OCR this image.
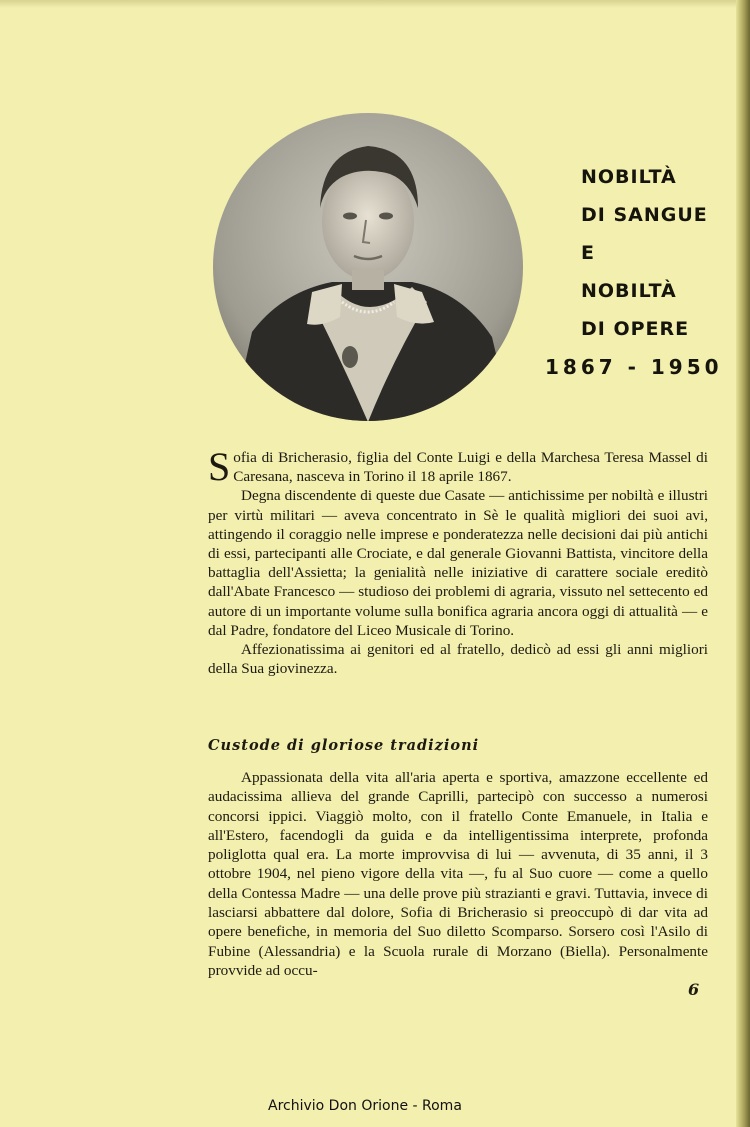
NOBILTÀ
DI SANGUE
E
NOBILTÀ
DI OPERE
1867 - 1950

Sofia di Bricherasio, figlia del Conte Luigi e della Marchesa Teresa Massel di Caresana, nasceva in Torino il 18 aprile 1867.

Degna discendente di queste due Casate — antichissime per nobiltà e illustri per virtù militari — aveva concentrato in Sè le qualità migliori dei suoi avi, attingendo il coraggio nelle imprese e ponderatezza nelle decisioni dai più antichi di essi, partecipanti alle Crociate, e dal generale Giovanni Battista, vincitore della battaglia dell'Assietta; la genialità nelle iniziative di carattere sociale ereditò dall'Abate Francesco — studioso dei problemi di agraria, vissuto nel settecento ed autore di un importante volume sulla bonifica agraria ancora oggi di attualità — e dal Padre, fondatore del Liceo Musicale di Torino.

Affezionatissima ai genitori ed al fratello, dedicò ad essi gli anni migliori della Sua giovinezza.

Custode di gloriose tradizioni

Appassionata della vita all'aria aperta e sportiva, amazzone eccellente ed audacissima allieva del grande Caprilli, partecipò con successo a numerosi concorsi ippici. Viaggiò molto, con il fratello Conte Emanuele, in Italia e all'Estero, facendogli da guida e da intelligentissima interprete, profonda poliglotta qual era. La morte improvvisa di lui — avvenuta, di 35 anni, il 3 ottobre 1904, nel pieno vigore della vita —, fu al Suo cuore — come a quello della Contessa Madre — una delle prove più strazianti e gravi. Tuttavia, invece di lasciarsi abbattere dal dolore, Sofia di Bricherasio si preoccupò di dar vita ad opere benefiche, in memoria del Suo diletto Scomparso. Sorsero così l'Asilo di Fubine (Alessandria) e la Scuola rurale di Morzano (Biella). Personalmente provvide ad occu-

6
Archivio Don Orione - Roma
